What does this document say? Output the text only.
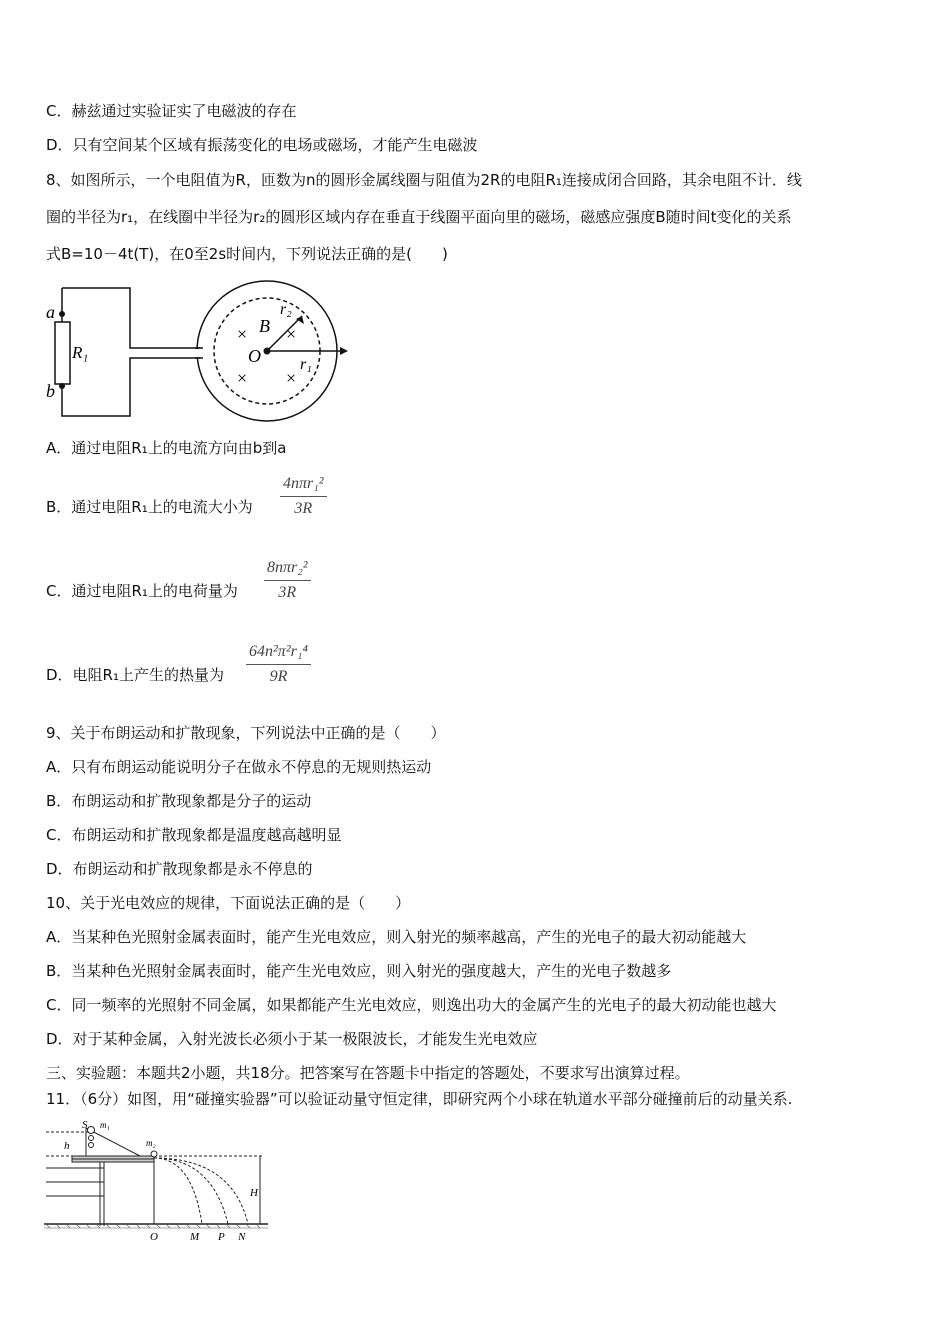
C．赫兹通过实验证实了电磁波的存在
D．只有空间某个区域有振荡变化的电场或磁场，才能产生电磁波
8、如图所示，一个电阻值为R，匝数为n的圆形金属线圈与阻值为2R的电阻R₁连接成闭合回路，其余电阻不计．线
圈的半径为r₁，在线圈中半径为r₂的圆形区域内存在垂直于线圈平面向里的磁场，磁感应强度B随时间t变化的关系
式B=10－4t(T)，在0至2s时间内，下列说法正确的是(　　)
a
b
R₁
B
O r₁
r₂
× ×
× ×
A．通过电阻R₁上的电流方向由b到a
B．通过电阻R₁上的电流大小为
4nπr₁²
3R
C．通过电阻R₁上的电荷量为
8nπr₂²
3R
D．电阻R₁上产生的热量为
64n²π²r₁⁴
9R
9、关于布朗运动和扩散现象，下列说法中正确的是（　　）
A．只有布朗运动能说明分子在做永不停息的无规则热运动
B．布朗运动和扩散现象都是分子的运动
C．布朗运动和扩散现象都是温度越高越明显
D．布朗运动和扩散现象都是永不停息的
10、关于光电效应的规律，下面说法正确的是（　　）
A．当某种色光照射金属表面时，能产生光电效应，则入射光的频率越高，产生的光电子的最大初动能越大
B．当某种色光照射金属表面时，能产生光电效应，则入射光的强度越大，产生的光电子数越多
C．同一频率的光照射不同金属，如果都能产生光电效应，则逸出功大的金属产生的光电子的最大初动能也越大
D．对于某种金属，入射光波长必须小于某一极限波长，才能发生光电效应
三、实验题：本题共2小题，共18分。把答案写在答题卡中指定的答题处，不要求写出演算过程。
11．（6分）如图，用“碰撞实验器”可以验证动量守恒定律，即研究两个小球在轨道水平部分碰撞前后的动量关系.
S m₁
m₂
h
H
O	M P N
